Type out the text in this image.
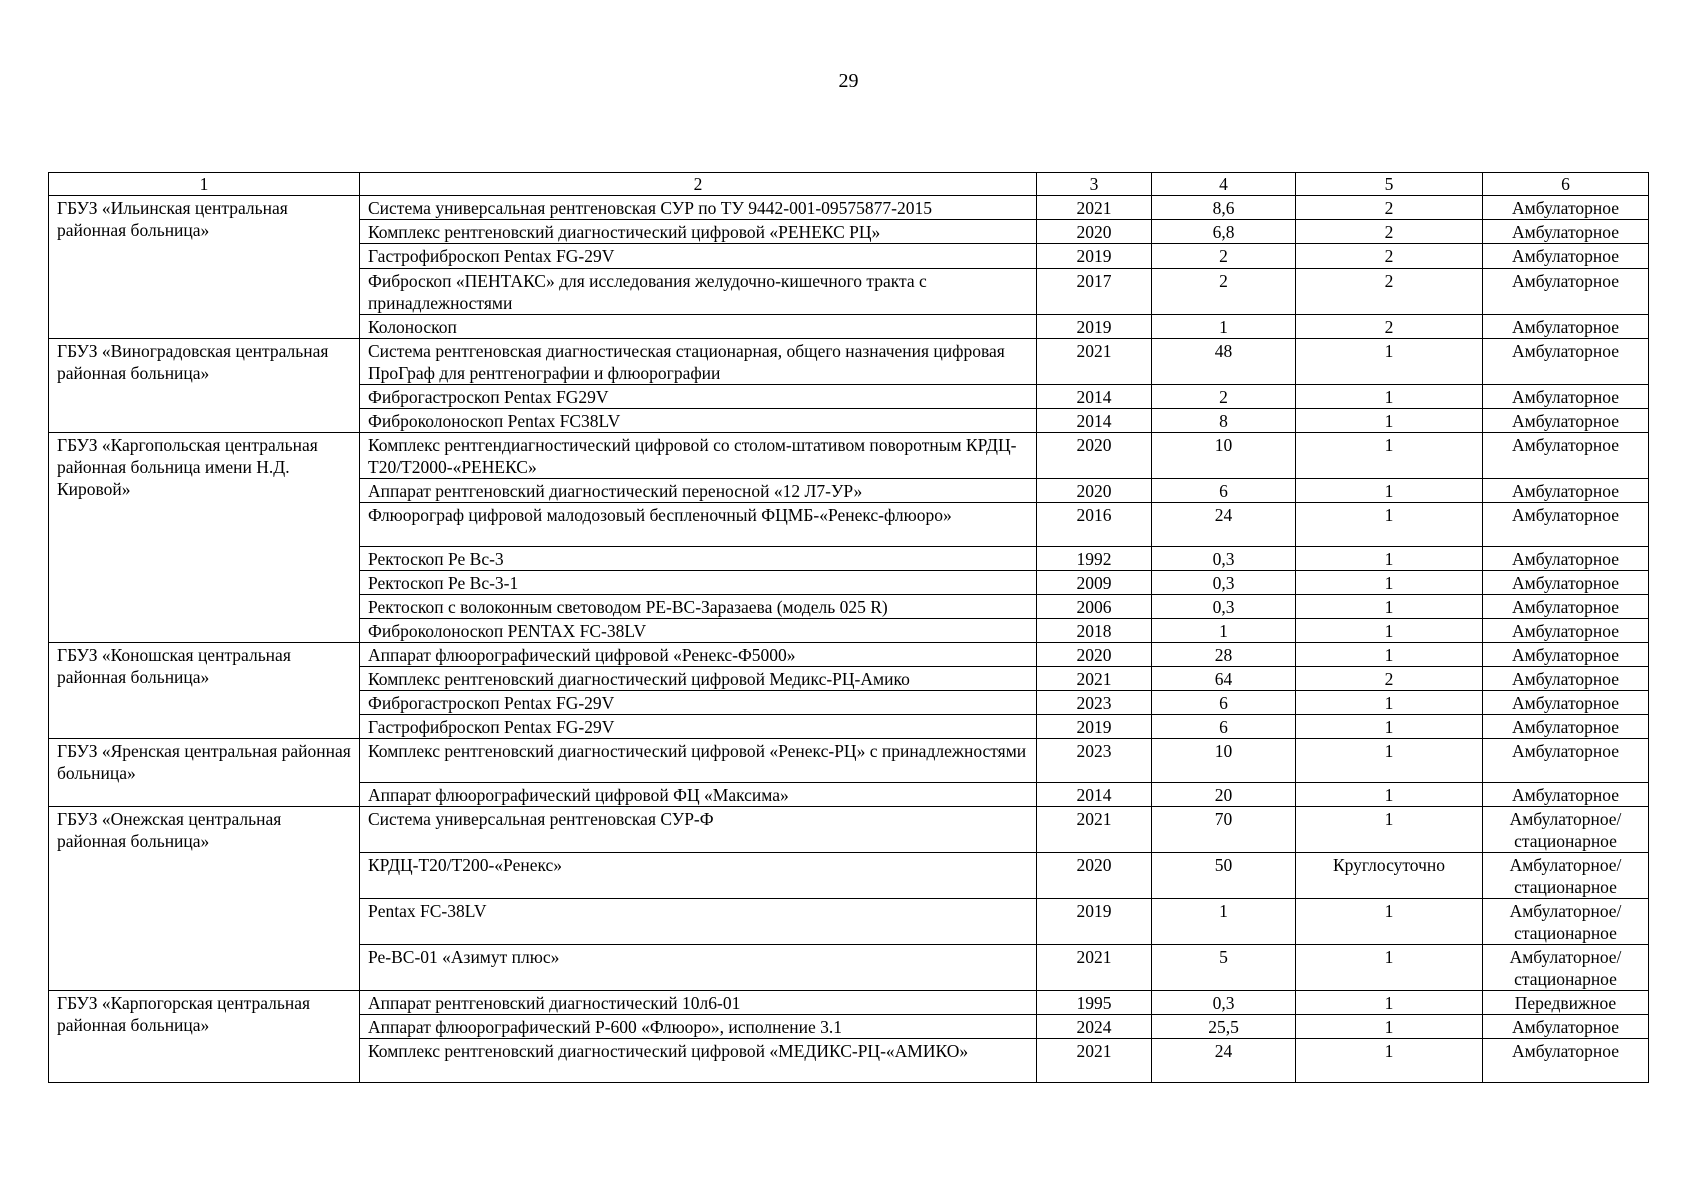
29
1	2	3	4	5	6
ГБУЗ «Ильинская центральная районная больница»	Система универсальная рентгеновская СУР по ТУ 9442-001-09575877-2015	2021	8,6	2	Амбулаторное
	Комплекс рентгеновский диагностический цифровой «РЕНЕКС РЦ»	2020	6,8	2	Амбулаторное
	Гастрофиброскоп Pentax FG-29V	2019	2	2	Амбулаторное
	Фиброскоп «ПЕНТАКС» для исследования желудочно-кишечного тракта с принадлежностями	2017	2	2	Амбулаторное
	Колоноскоп	2019	1	2	Амбулаторное
ГБУЗ «Виноградовская центральная районная больница»	Система рентгеновская диагностическая стационарная, общего назначения цифровая ПроГраф для рентгенографии и флюорографии	2021	48	1	Амбулаторное
	Фиброгастроскоп Pentax FG29V	2014	2	1	Амбулаторное
	Фиброколоноскоп Pentax FC38LV	2014	8	1	Амбулаторное
ГБУЗ «Каргопольская центральная районная больница имени Н.Д. Кировой»	Комплекс рентгендиагностический цифровой со столом-штативом поворотным КРДЦ-Т20/Т2000-«РЕНЕКС»	2020	10	1	Амбулаторное
	Аппарат рентгеновский диагностический переносной «12 Л7-УР»	2020	6	1	Амбулаторное
	Флюорограф цифровой малодозовый беспленочный ФЦМБ-«Ренекс-флюоро»	2016	24	1	Амбулаторное
	Ректоскоп Ре Вс-3	1992	0,3	1	Амбулаторное
	Ректоскоп Ре Вс-3-1	2009	0,3	1	Амбулаторное
	Ректоскоп с волоконным световодом РЕ-ВС-Заразаева (модель 025 R)	2006	0,3	1	Амбулаторное
	Фиброколоноскоп PENTAX FC-38LV	2018	1	1	Амбулаторное
ГБУЗ «Коношская центральная районная больница»	Аппарат флюорографический цифровой «Ренекс-Ф5000»	2020	28	1	Амбулаторное
	Комплекс рентгеновский диагностический цифровой Медикс-РЦ-Амико	2021	64	2	Амбулаторное
	Фиброгастроскоп Pentax FG-29V	2023	6	1	Амбулаторное
	Гастрофиброскоп Pentax FG-29V	2019	6	1	Амбулаторное
ГБУЗ «Яренская центральная районная больница»	Комплекс рентгеновский диагностический цифровой «Ренекс-РЦ» с принадлежностями	2023	10	1	Амбулаторное
	Аппарат флюорографический цифровой ФЦ «Максима»	2014	20	1	Амбулаторное
ГБУЗ «Онежская центральная районная больница»	Система универсальная рентгеновская СУР-Ф	2021	70	1	Амбулаторное/ стационарное
	КРДЦ-Т20/Т200-«Ренекс»	2020	50	Круглосуточно	Амбулаторное/ стационарное
	Pentax FC-38LV	2019	1	1	Амбулаторное/ стационарное
	Ре-ВС-01 «Азимут плюс»	2021	5	1	Амбулаторное/ стационарное
ГБУЗ «Карпогорская центральная районная больница»	Аппарат рентгеновский диагностический 10л6-01	1995	0,3	1	Передвижное
	Аппарат флюорографический Р-600 «Флюоро», исполнение 3.1	2024	25,5	1	Амбулаторное
	Комплекс рентгеновский диагностический цифровой «МЕДИКС-РЦ-«АМИКО»	2021	24	1	Амбулаторное
